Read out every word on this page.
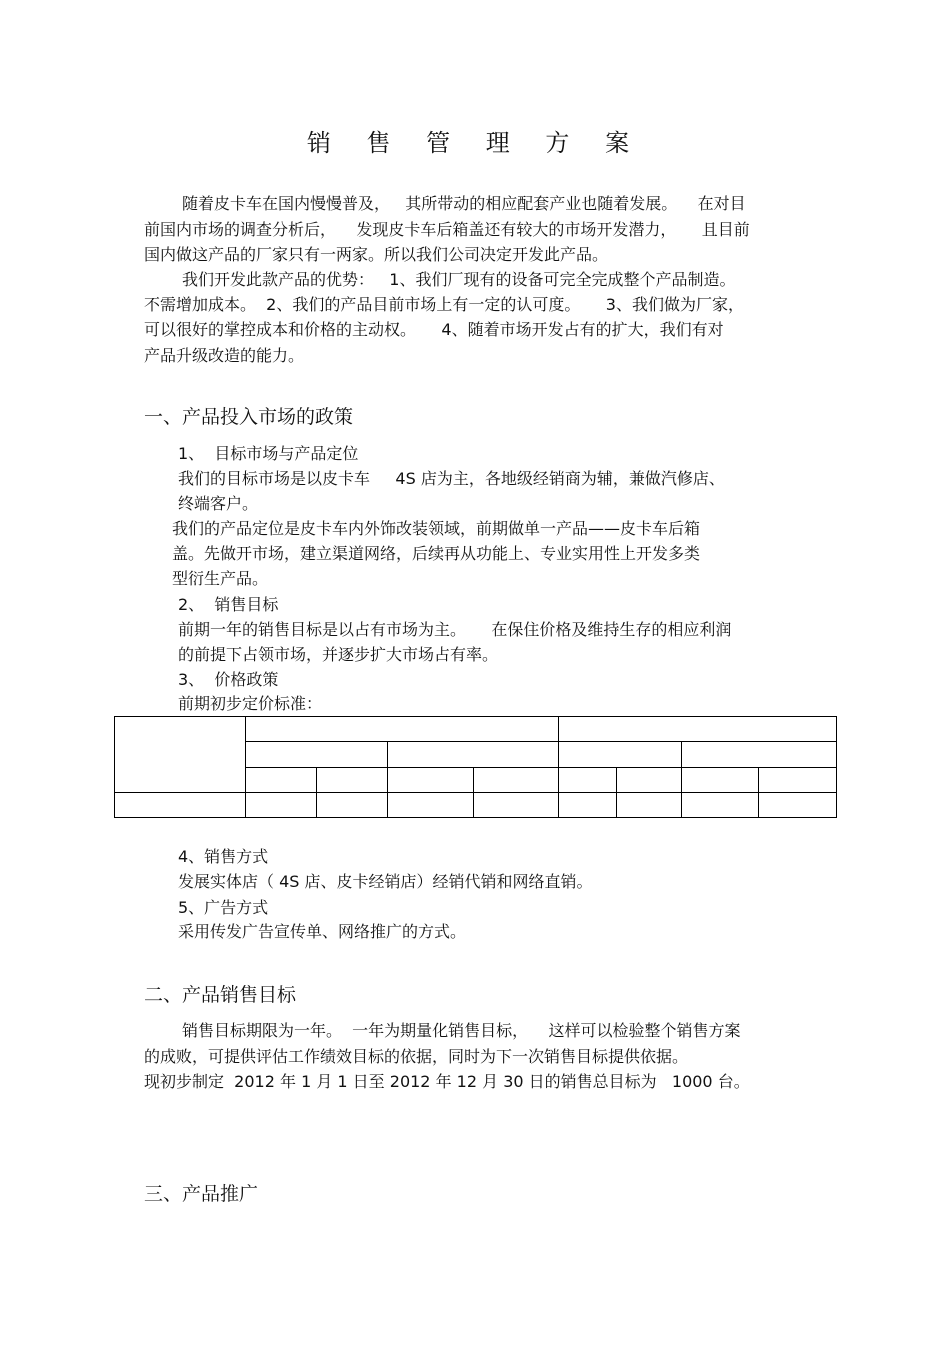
销 售 管 理 方 案
随着皮卡车在国内慢慢普及，   其所带动的相应配套产业也随着发展。    在对目
前国内市场的调查分析后，    发现皮卡车后箱盖还有较大的市场开发潜力，     且目前
国内做这产品的厂家只有一两家。所以我们公司决定开发此产品。
我们开发此款产品的优势：   1、我们厂现有的设备可完全完成整个产品制造。
不需增加成本。  2、我们的产品目前市场上有一定的认可度。     3、我们做为厂家，
可以很好的掌控成本和价格的主动权。     4、随着市场开发占有的扩大，我们有对
产品升级改造的能力。
一、产品投入市场的政策
1、  目标市场与产品定位
我们的目标市场是以皮卡车     4S 店为主，各地级经销商为辅，兼做汽修店、
终端客户。
我们的产品定位是皮卡车内外饰改装领域，前期做单一产品——皮卡车后箱
盖。先做开市场，建立渠道网络，后续再从功能上、专业实用性上开发多类
型衍生产品。
2、  销售目标
前期一年的销售目标是以占有市场为主。     在保住价格及维持生存的相应利润
的前提下占领市场，并逐步扩大市场占有率。
3、  价格政策
前期初步定价标准：

4、销售方式
发展实体店（ 4S 店、皮卡经销店）经销代销和网络直销。
5、广告方式
采用传发广告宣传单、网络推广的方式。
二、产品销售目标
销售目标期限为一年。  一年为期量化销售目标，    这样可以检验整个销售方案
的成败，可提供评估工作绩效目标的依据，同时为下一次销售目标提供依据。
现初步制定  2012 年 1 月 1 日至 2012 年 12 月 30 日的销售总目标为   1000 台。
三、产品推广
